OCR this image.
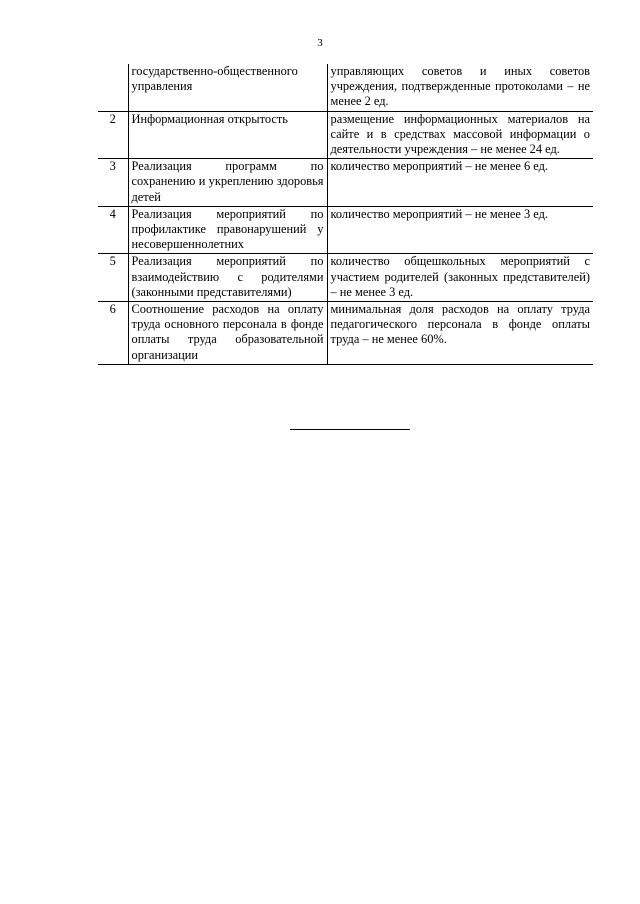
3
	государственно-общественного управления	управляющих советов и иных советов учреждения, подтвержденные протоколами – не менее 2 ед.
2	Информационная открытость	размещение информационных материалов на сайте и в средствах массовой информации о деятельности учреждения – не менее 24 ед.
3	Реализация программ по сохранению и укреплению здоровья детей	количество мероприятий – не менее 6 ед.
4	Реализация мероприятий по профилактике правонарушений у несовершеннолетних	количество мероприятий – не менее 3 ед.
5	Реализация мероприятий по взаимодействию с родителями (законными представителями)	количество общешкольных мероприятий с участием родителей (законных представителей) – не менее 3 ед.
6	Соотношение расходов на оплату труда основного персонала в фонде оплаты труда образовательной организации	минимальная доля расходов на оплату труда педагогического персонала в фонде оплаты труда – не менее 60%.
